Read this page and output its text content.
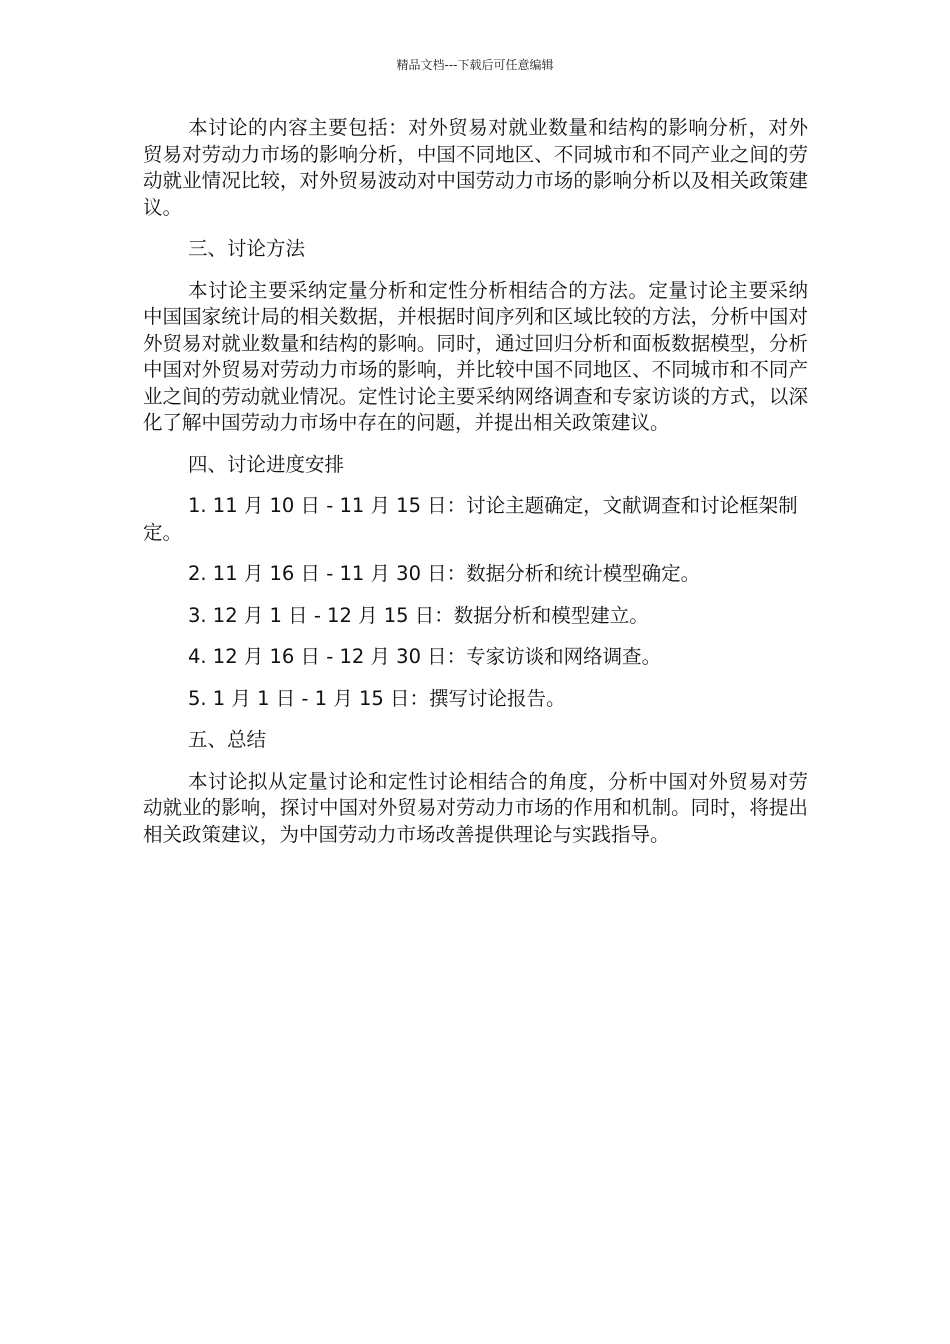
精品文档---下载后可任意编辑

本讨论的内容主要包括：对外贸易对就业数量和结构的影响分析，对外贸易对劳动力市场的影响分析，中国不同地区、不同城市和不同产业之间的劳动就业情况比较，对外贸易波动对中国劳动力市场的影响分析以及相关政策建议。

三、讨论方法

本讨论主要采纳定量分析和定性分析相结合的方法。定量讨论主要采纳中国国家统计局的相关数据，并根据时间序列和区域比较的方法，分析中国对外贸易对就业数量和结构的影响。同时，通过回归分析和面板数据模型，分析中国对外贸易对劳动力市场的影响，并比较中国不同地区、不同城市和不同产业之间的劳动就业情况。定性讨论主要采纳网络调查和专家访谈的方式，以深化了解中国劳动力市场中存在的问题，并提出相关政策建议。

四、讨论进度安排

1. 11 月 10 日 - 11 月 15 日：讨论主题确定，文献调查和讨论框架制定。

2. 11 月 16 日 - 11 月 30 日：数据分析和统计模型确定。

3. 12 月 1 日 - 12 月 15 日：数据分析和模型建立。

4. 12 月 16 日 - 12 月 30 日：专家访谈和网络调查。

5. 1 月 1 日 - 1 月 15 日：撰写讨论报告。

五、总结

本讨论拟从定量讨论和定性讨论相结合的角度，分析中国对外贸易对劳动就业的影响，探讨中国对外贸易对劳动力市场的作用和机制。同时，将提出相关政策建议，为中国劳动力市场改善提供理论与实践指导。
